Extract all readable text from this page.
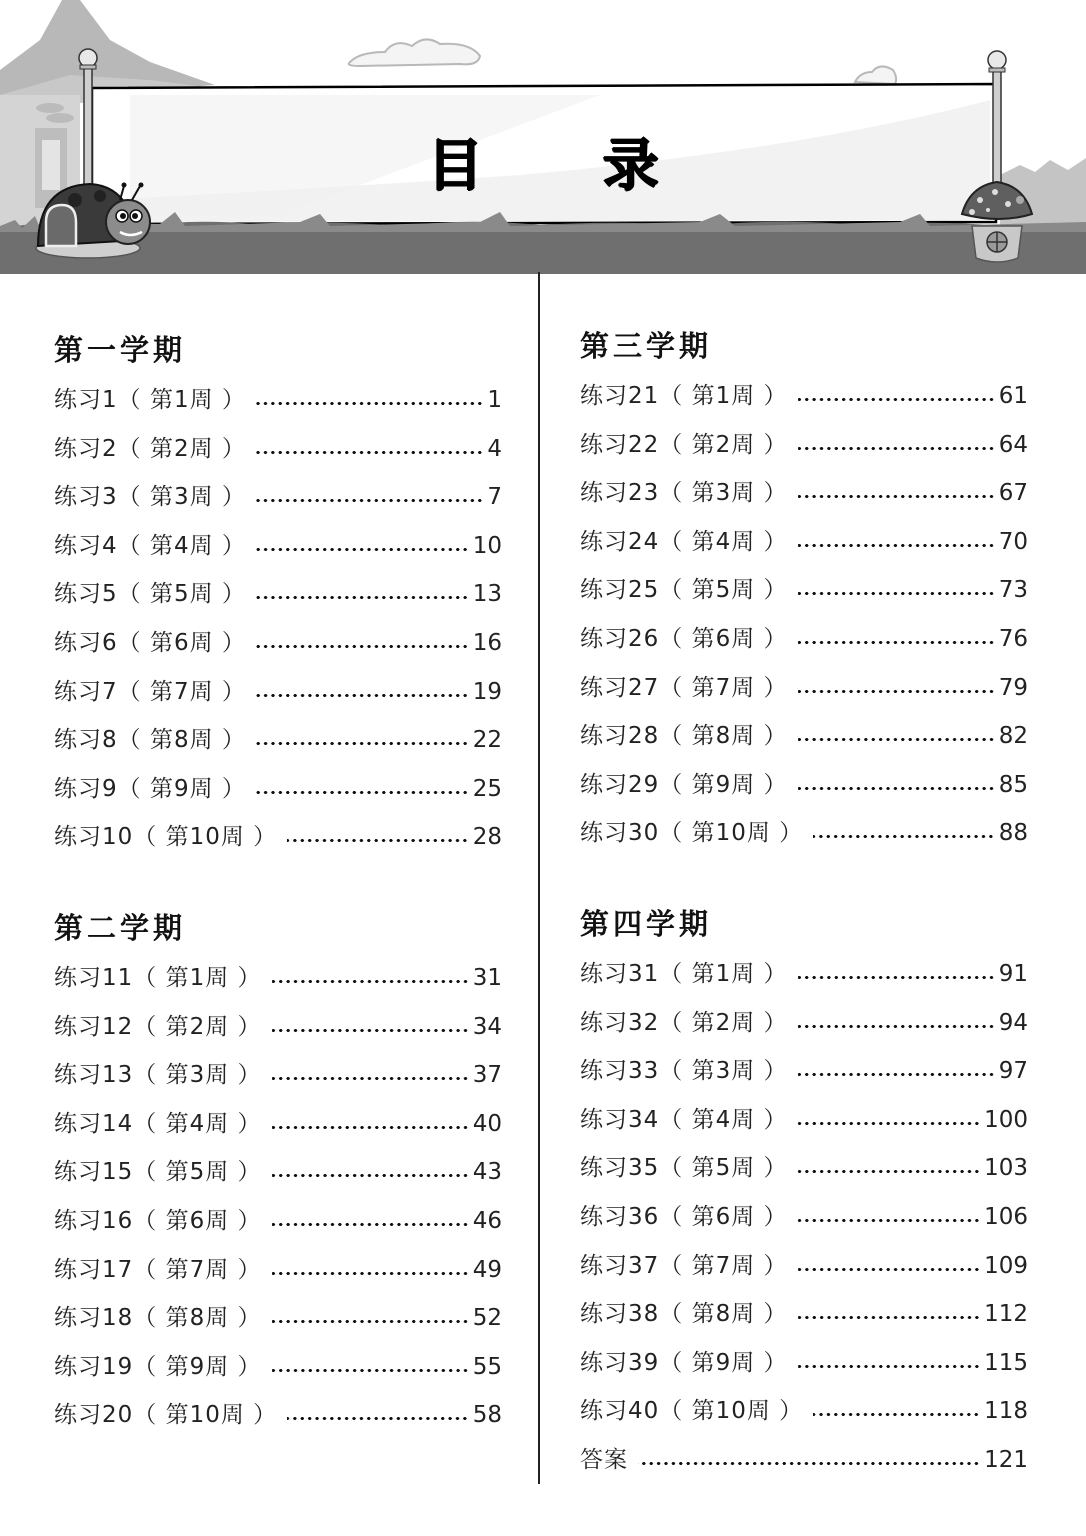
目 录
第一学期
练习1（ 第1周 ）	1
练习2（ 第2周 ）	4
练习3（ 第3周 ）	7
练习4（ 第4周 ）	10
练习5（ 第5周 ）	13
练习6（ 第6周 ）	16
练习7（ 第7周 ）	19
练习8（ 第8周 ）	22
练习9（ 第9周 ）	25
练习10（ 第10周 ）	28
第二学期
练习11（ 第1周 ）	31
练习12（ 第2周 ）	34
练习13（ 第3周 ）	37
练习14（ 第4周 ）	40
练习15（ 第5周 ）	43
练习16（ 第6周 ）	46
练习17（ 第7周 ）	49
练习18（ 第8周 ）	52
练习19（ 第9周 ）	55
练习20（ 第10周 ）	58
第三学期
练习21（ 第1周 ）	61
练习22（ 第2周 ）	64
练习23（ 第3周 ）	67
练习24（ 第4周 ）	70
练习25（ 第5周 ）	73
练习26（ 第6周 ）	76
练习27（ 第7周 ）	79
练习28（ 第8周 ）	82
练习29（ 第9周 ）	85
练习30（ 第10周 ）	88
第四学期
练习31（ 第1周 ）	91
练习32（ 第2周 ）	94
练习33（ 第3周 ）	97
练习34（ 第4周 ）	100
练习35（ 第5周 ）	103
练习36（ 第6周 ）	106
练习37（ 第7周 ）	109
练习38（ 第8周 ）	112
练习39（ 第9周 ）	115
练习40（ 第10周 ）	118
答案	121
